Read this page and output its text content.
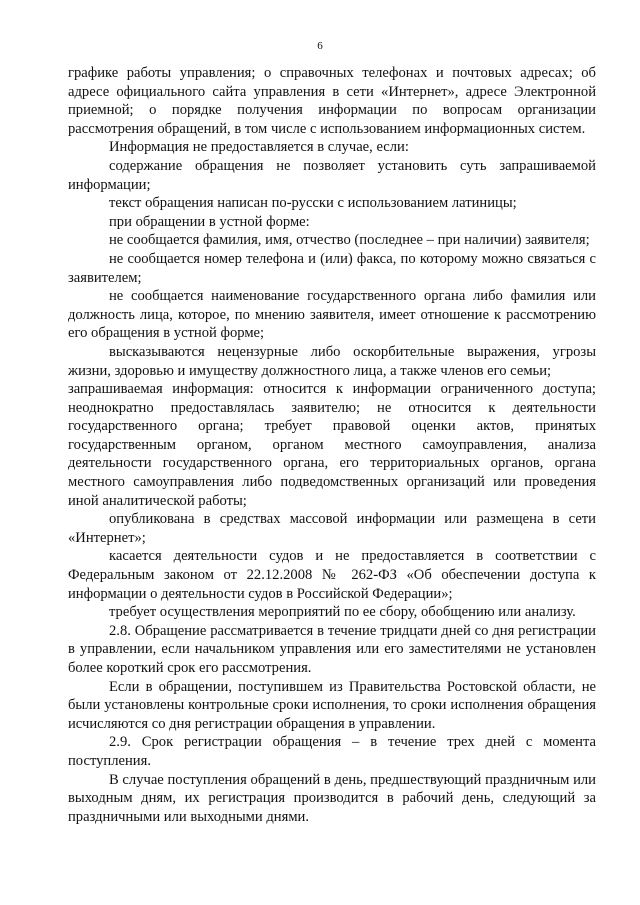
6

графике работы управления; о справочных телефонах и почтовых адресах; об адресе официального сайта управления в сети «Интернет», адресе Электронной приемной; о порядке получения информации по вопросам организации рассмотрения обращений, в том числе с использованием информационных систем.

Информация не предоставляется в случае, если:

содержание обращения не позволяет установить суть запрашиваемой информации;

текст обращения написан по-русски с использованием латиницы;

при обращении в устной форме:

не сообщается фамилия, имя, отчество (последнее – при наличии) заявителя;

не сообщается номер телефона и (или) факса, по которому можно связаться с заявителем;

не сообщается наименование государственного органа либо фамилия или должность лица, которое, по мнению заявителя, имеет отношение к рассмотрению его обращения в устной форме;

высказываются нецензурные либо оскорбительные выражения, угрозы жизни, здоровью и имуществу должностного лица, а также членов его семьи;

запрашиваемая информация: относится к информации ограниченного доступа; неоднократно предоставлялась заявителю; не относится к деятельности государственного органа; требует правовой оценки актов, принятых государственным органом, органом местного самоуправления, анализа деятельности государственного органа, его территориальных органов, органа местного самоуправления либо подведомственных организаций или проведения иной аналитической работы;

опубликована в средствах массовой информации или размещена в сети «Интернет»;

касается деятельности судов и не предоставляется в соответствии с Федеральным законом от 22.12.2008 № 262-ФЗ «Об обеспечении доступа к информации о деятельности судов в Российской Федерации»;

требует осуществления мероприятий по ее сбору, обобщению или анализу.

2.8. Обращение рассматривается в течение тридцати дней со дня регистрации в управлении, если начальником управления или его заместителями не установлен более короткий срок его рассмотрения.

Если в обращении, поступившем из Правительства Ростовской области, не были установлены контрольные сроки исполнения, то сроки исполнения обращения исчисляются со дня регистрации обращения в управлении.

2.9. Срок регистрации обращения – в течение трех дней с момента поступления.

В случае поступления обращений в день, предшествующий праздничным или выходным дням, их регистрация производится в рабочий день, следующий за праздничными или выходными днями.
